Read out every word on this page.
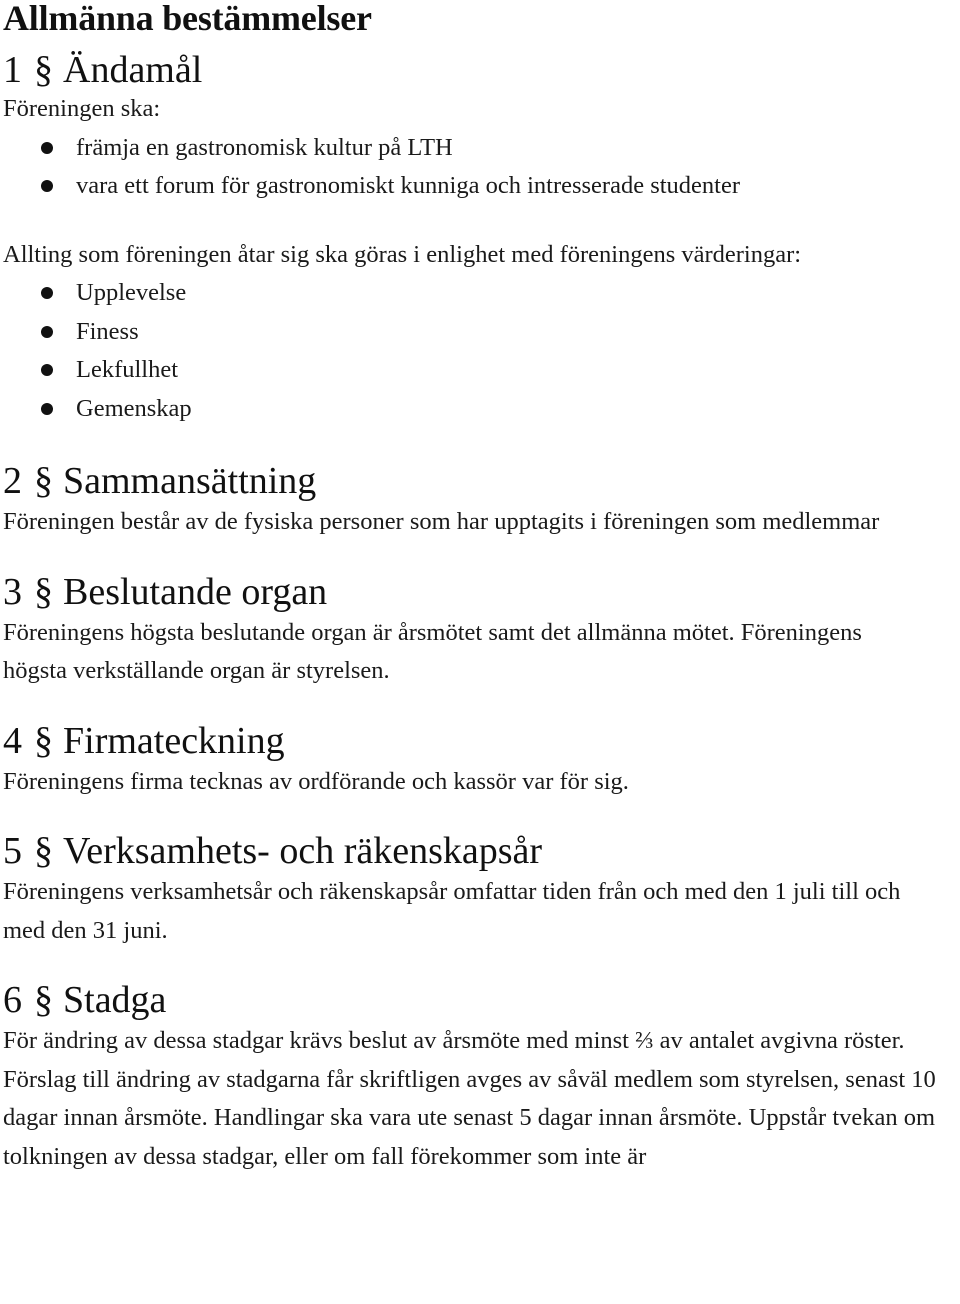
Allmänna bestämmelser
1 § Ändamål

Föreningen ska:

främja en gastronomisk kultur på LTH
vara ett forum för gastronomiskt kunniga och intresserade studenter

Allting som föreningen åtar sig ska göras i enlighet med föreningens värderingar:

Upplevelse
Finess
Lekfullhet
Gemenskap
2 § Sammansättning

Föreningen består av de fysiska personer som har upptagits i föreningen som medlemmar

3 § Beslutande organ

Föreningens högsta beslutande organ är årsmötet samt det allmänna mötet. Föreningens högsta verkställande organ är styrelsen.

4 § Firmateckning

Föreningens firma tecknas av ordförande och kassör var för sig.

5 § Verksamhets- och räkenskapsår

Föreningens verksamhetsår och räkenskapsår omfattar tiden från och med den 1 juli till och med den 31 juni.

6 § Stadga

För ändring av dessa stadgar krävs beslut av årsmöte med minst ⅔ av antalet avgivna röster. Förslag till ändring av stadgarna får skriftligen avges av såväl medlem som styrelsen, senast 10 dagar innan årsmöte. Handlingar ska vara ute senast 5 dagar innan årsmöte. Uppstår tvekan om tolkningen av dessa stadgar, eller om fall förekommer som inte är
